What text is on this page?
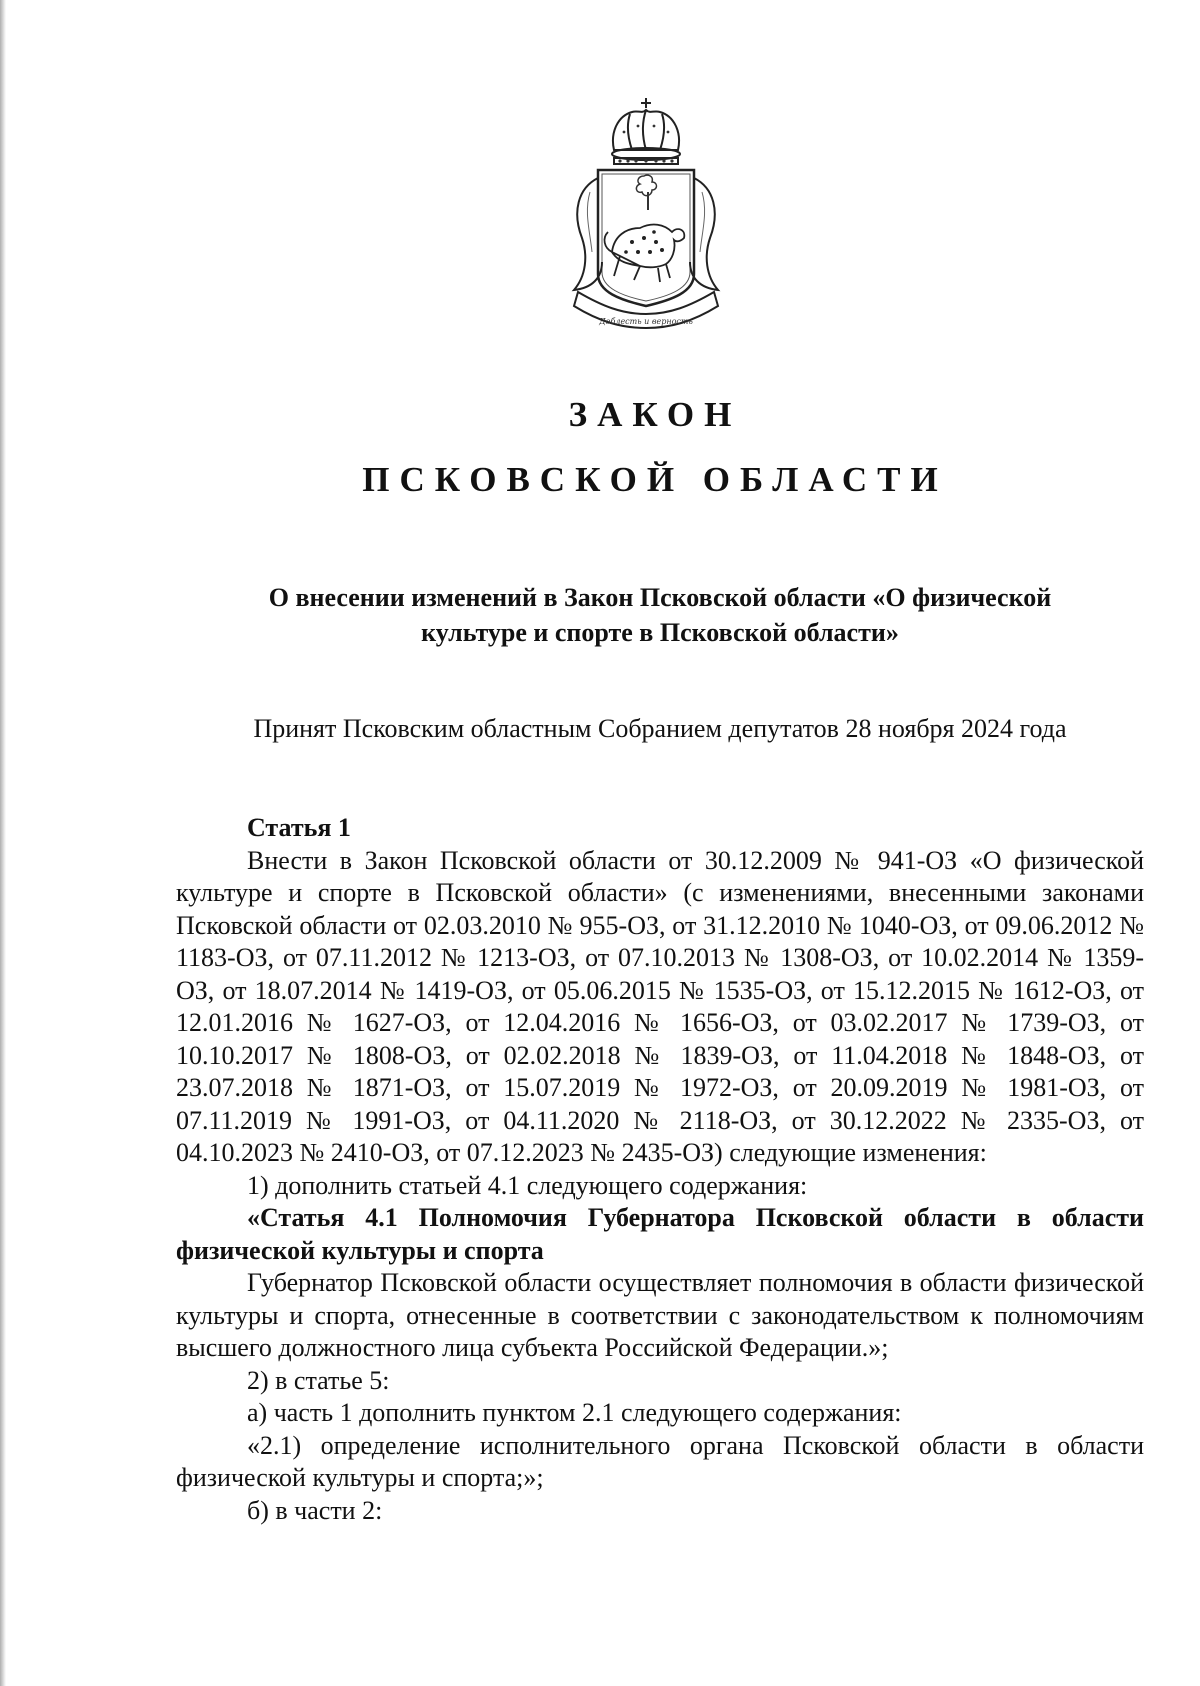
Доблесть и верность
ЗАКОН
ПСКОВСКОЙ ОБЛАСТИ
О внесении изменений в Закон Псковской области «О физической
культуре и спорте в Псковской области»
Принят Псковским областным Собранием депутатов 28 ноября 2024 года

Статья 1

Внести в Закон Псковской области от 30.12.2009 № 941-ОЗ «О физической культуре и спорте в Псковской области» (с изменениями, внесенными законами Псковской области от 02.03.2010 № 955-ОЗ, от 31.12.2010 № 1040-ОЗ, от 09.06.2012 № 1183-ОЗ, от 07.11.2012 № 1213-ОЗ, от 07.10.2013 № 1308-ОЗ, от 10.02.2014 № 1359-ОЗ, от 18.07.2014 № 1419-ОЗ, от 05.06.2015 № 1535-ОЗ, от 15.12.2015 № 1612-ОЗ, от 12.01.2016 № 1627-ОЗ, от 12.04.2016 № 1656-ОЗ, от 03.02.2017 № 1739-ОЗ, от 10.10.2017 № 1808-ОЗ, от 02.02.2018 № 1839-ОЗ, от 11.04.2018 № 1848-ОЗ, от 23.07.2018 № 1871-ОЗ, от 15.07.2019 № 1972-ОЗ, от 20.09.2019 № 1981-ОЗ, от 07.11.2019 № 1991-ОЗ, от 04.11.2020 № 2118-ОЗ, от 30.12.2022 № 2335-ОЗ, от 04.10.2023 № 2410-ОЗ, от 07.12.2023 № 2435-ОЗ) следующие изменения:

1) дополнить статьей 4.1 следующего содержания:

«Статья 4.1 Полномочия Губернатора Псковской области в области физической культуры и спорта

Губернатор Псковской области осуществляет полномочия в области физической культуры и спорта, отнесенные в соответствии с законодательством к полномочиям высшего должностного лица субъекта Российской Федерации.»;

2) в статье 5:

а) часть 1 дополнить пунктом 2.1 следующего содержания:

«2.1) определение исполнительного органа Псковской области в области физической культуры и спорта;»;

б) в части 2:
